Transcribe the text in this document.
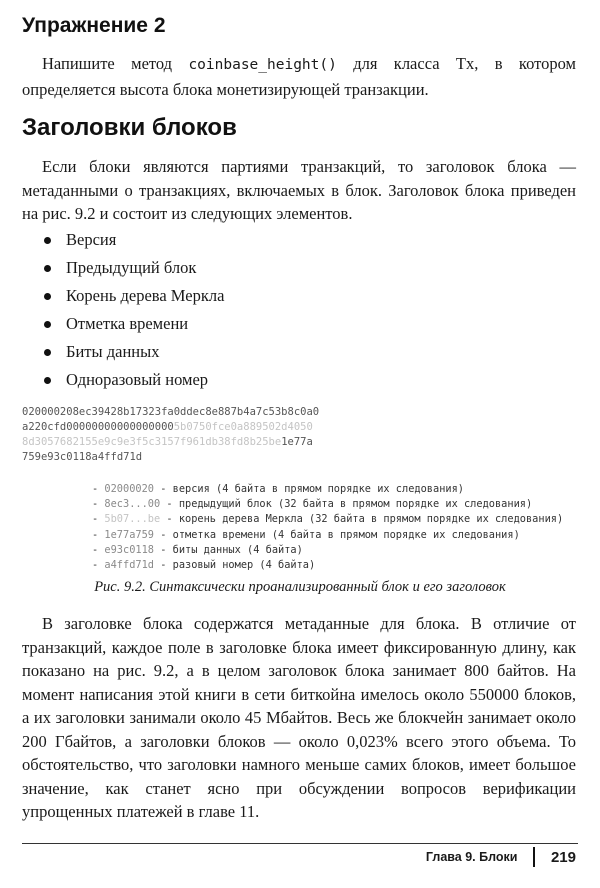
Упражнение 2

Напишите метод coinbase_height() для класса Tx, в котором определяется высота блока монетизирующей транзакции.

Заголовки блоков

Если блоки являются партиями транзакций, то заголовок блока — метаданными о транзакциях, включаемых в блок. Заголовок блока приведен на рис. 9.2 и состоит из следующих элементов.

Версия
Предыдущий блок
Корень дерева Меркла
Отметка времени
Биты данных
Одноразовый номер
020000208ec39428b17323fa0ddec8e887b4a7c53b8c0a0
a220cfd000000000000000005b0750fce0a889502d4050
8d3057682155e9c9e3f5c3157f961db38fd8b25be1e77a
759e93c0118a4ffd71d
- 02000020 - версия (4 байта в прямом порядке их следования)
- 8ec3...00 - предыдущий блок (32 байта в прямом порядке их следования)
- 5b07...be - корень дерева Меркла (32 байта в прямом порядке их следования)
- 1e77a759 - отметка времени (4 байта в прямом порядке их следования)
- e93c0118 - биты данных (4 байта)
- a4ffd71d - разовый номер (4 байта)
Рис. 9.2. Синтаксически проанализированный блок и его заголовок

В заголовке блока содержатся метаданные для блока. В отличие от транзакций, каждое поле в заголовке блока имеет фиксированную длину, как показано на рис. 9.2, а в целом заголовок блока занимает 800 байтов. На момент написания этой книги в сети биткойна имелось около 550000 блоков, а их заголовки занимали около 45 Мбайтов. Весь же блокчейн занимает около 200 Гбайтов, а заголовки блоков — около 0,023% всего этого объема. То обстоятельство, что заголовки намного меньше самих блоков, имеет большое значение, как станет ясно при обсуждении вопросов верификации упрощенных платежей в главе 11.

Глава 9. Блоки 219
